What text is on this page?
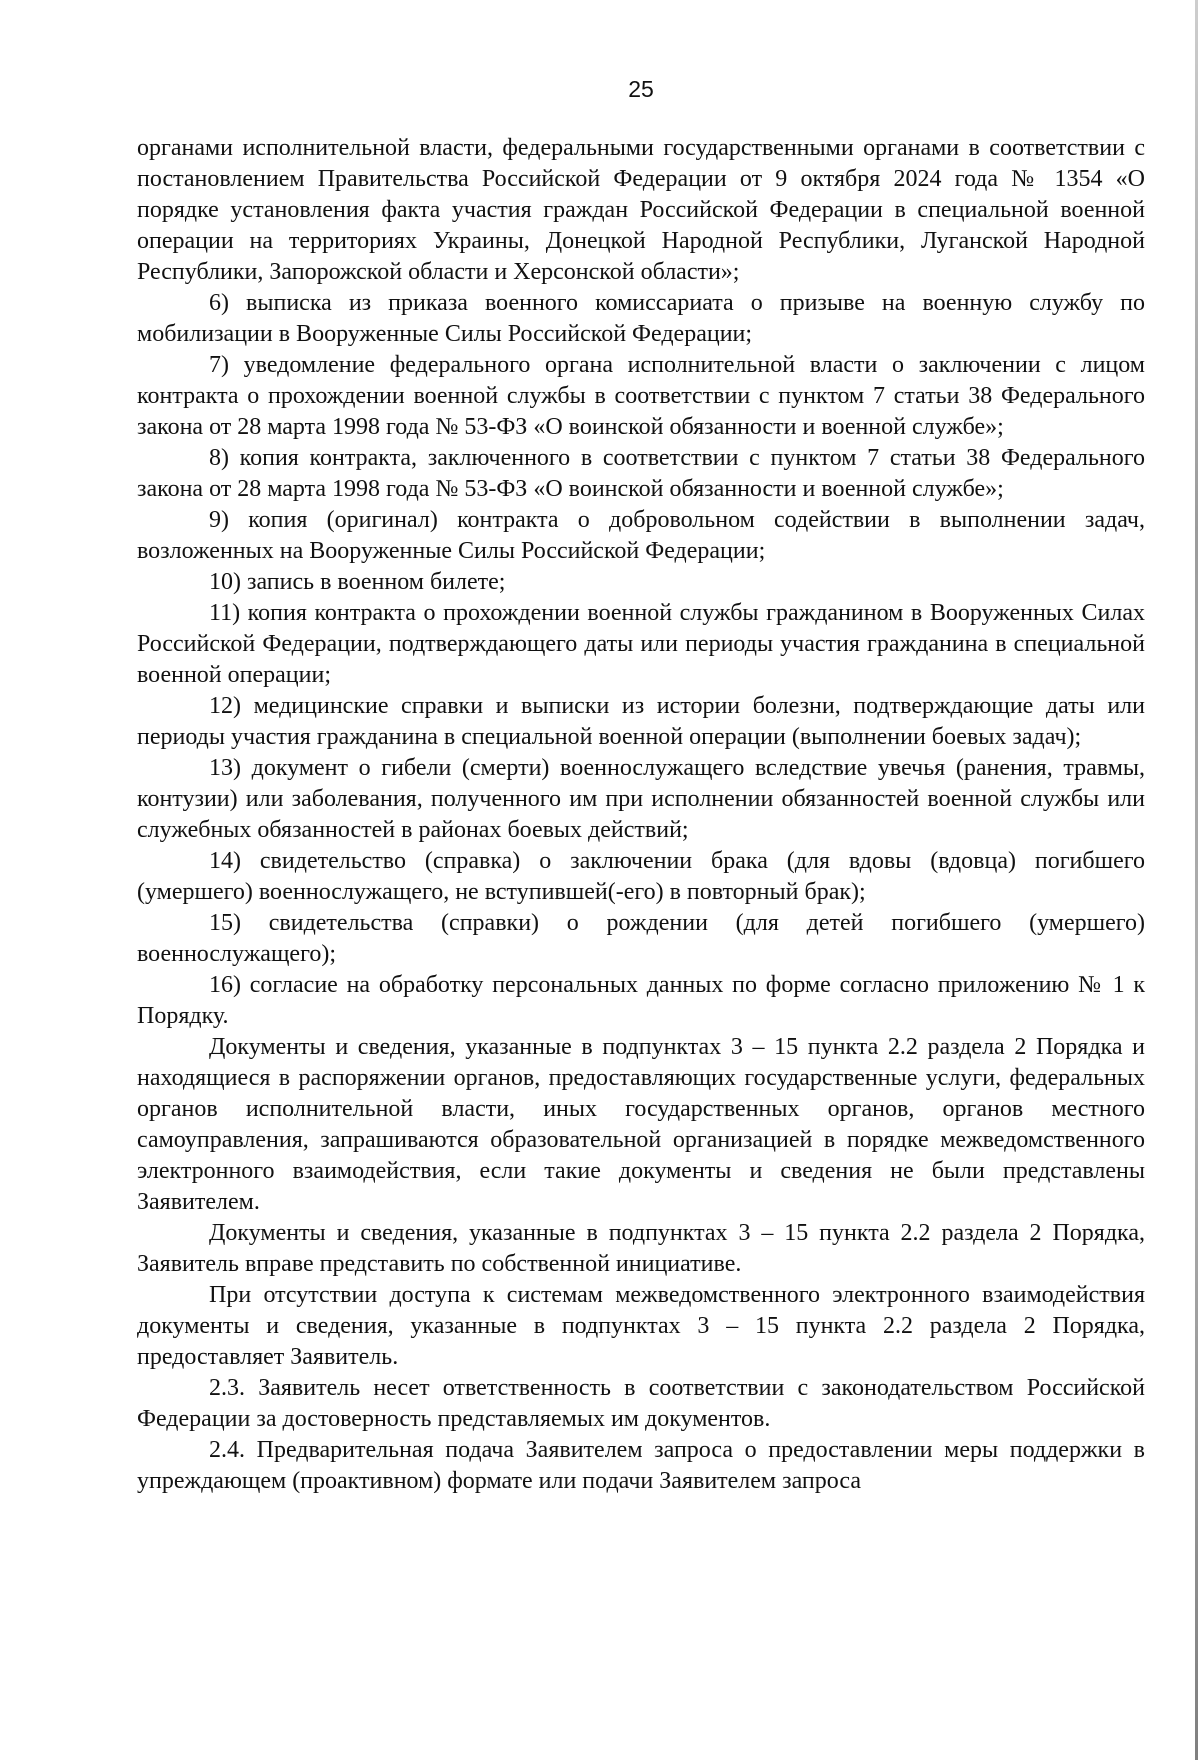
25

органами исполнительной власти, федеральными государственными органами в соответствии с постановлением Правительства Российской Федерации от 9 октября 2024 года № 1354 «О порядке установления факта участия граждан Российской Федерации в специальной военной операции на территориях Украины, Донецкой Народной Республики, Луганской Народной Республики, Запорожской области и Херсонской области»;

6) выписка из приказа военного комиссариата о призыве на военную службу по мобилизации в Вооруженные Силы Российской Федерации;

7) уведомление федерального органа исполнительной власти о заключении с лицом контракта о прохождении военной службы в соответствии с пунктом 7 статьи 38 Федерального закона от 28 марта 1998 года № 53-ФЗ «О воинской обязанности и военной службе»;

8) копия контракта, заключенного в соответствии с пунктом 7 статьи 38 Федерального закона от 28 марта 1998 года № 53-ФЗ «О воинской обязанности и военной службе»;

9) копия (оригинал) контракта о добровольном содействии в выполнении задач, возложенных на Вооруженные Силы Российской Федерации;

10) запись в военном билете;

11) копия контракта о прохождении военной службы гражданином в Вооруженных Силах Российской Федерации, подтверждающего даты или периоды участия гражданина в специальной военной операции;

12) медицинские справки и выписки из истории болезни, подтверждающие даты или периоды участия гражданина в специальной военной операции (выполнении боевых задач);

13) документ о гибели (смерти) военнослужащего вследствие увечья (ранения, травмы, контузии) или заболевания, полученного им при исполнении обязанностей военной службы или служебных обязанностей в районах боевых действий;

14) свидетельство (справка) о заключении брака (для вдовы (вдовца) погибшего (умершего) военнослужащего, не вступившей(-его) в повторный брак);

15) свидетельства (справки) о рождении (для детей погибшего (умершего) военнослужащего);

16) согласие на обработку персональных данных по форме согласно приложению № 1 к Порядку.

Документы и сведения, указанные в подпунктах 3 – 15 пункта 2.2 раздела 2 Порядка и находящиеся в распоряжении органов, предоставляющих государственные услуги, федеральных органов исполнительной власти, иных государственных органов, органов местного самоуправления, запрашиваются образовательной организацией в порядке межведомственного электронного взаимодействия, если такие документы и сведения не были представлены Заявителем.

Документы и сведения, указанные в подпунктах 3 – 15 пункта 2.2 раздела 2 Порядка, Заявитель вправе представить по собственной инициативе.

При отсутствии доступа к системам межведомственного электронного взаимодействия документы и сведения, указанные в подпунктах 3 – 15 пункта 2.2 раздела 2 Порядка, предоставляет Заявитель.

2.3. Заявитель несет ответственность в соответствии с законодательством Российской Федерации за достоверность представляемых им документов.

2.4. Предварительная подача Заявителем запроса о предоставлении меры поддержки в упреждающем (проактивном) формате или подачи Заявителем запроса
